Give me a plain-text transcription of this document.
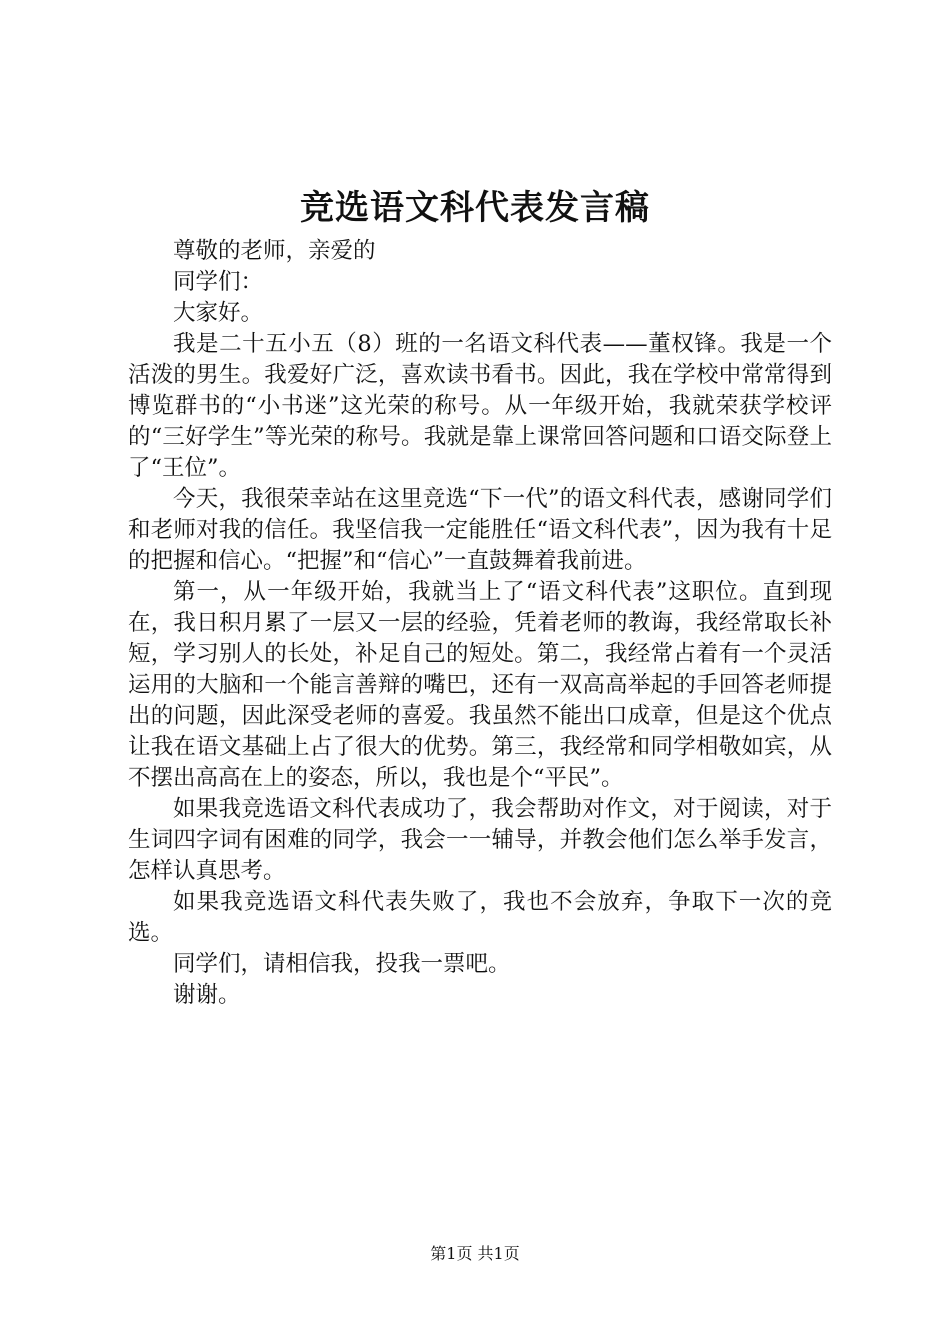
竞选语文科代表发言稿

尊敬的老师，亲爱的

同学们：

大家好。

我是二十五小五（8）班的一名语文科代表——董权锋。我是一个活泼的男生。我爱好广泛，喜欢读书看书。因此，我在学校中常常得到博览群书的“小书迷”这光荣的称号。从一年级开始，我就荣获学校评的“三好学生”等光荣的称号。我就是靠上课常回答问题和口语交际登上了“王位”。

今天，我很荣幸站在这里竞选“下一代”的语文科代表，感谢同学们和老师对我的信任。我坚信我一定能胜任“语文科代表”，因为我有十足的把握和信心。“把握”和“信心”一直鼓舞着我前进。

第一，从一年级开始，我就当上了“语文科代表”这职位。直到现在，我日积月累了一层又一层的经验，凭着老师的教诲，我经常取长补短，学习别人的长处，补足自己的短处。第二，我经常占着有一个灵活运用的大脑和一个能言善辩的嘴巴，还有一双高高举起的手回答老师提出的问题，因此深受老师的喜爱。我虽然不能出口成章，但是这个优点让我在语文基础上占了很大的优势。第三，我经常和同学相敬如宾，从不摆出高高在上的姿态，所以，我也是个“平民”。

如果我竞选语文科代表成功了，我会帮助对作文，对于阅读，对于生词四字词有困难的同学，我会一一辅导，并教会他们怎么举手发言，怎样认真思考。

如果我竞选语文科代表失败了，我也不会放弃，争取下一次的竞选。

同学们，请相信我，投我一票吧。

谢谢。

第1页 共1页
